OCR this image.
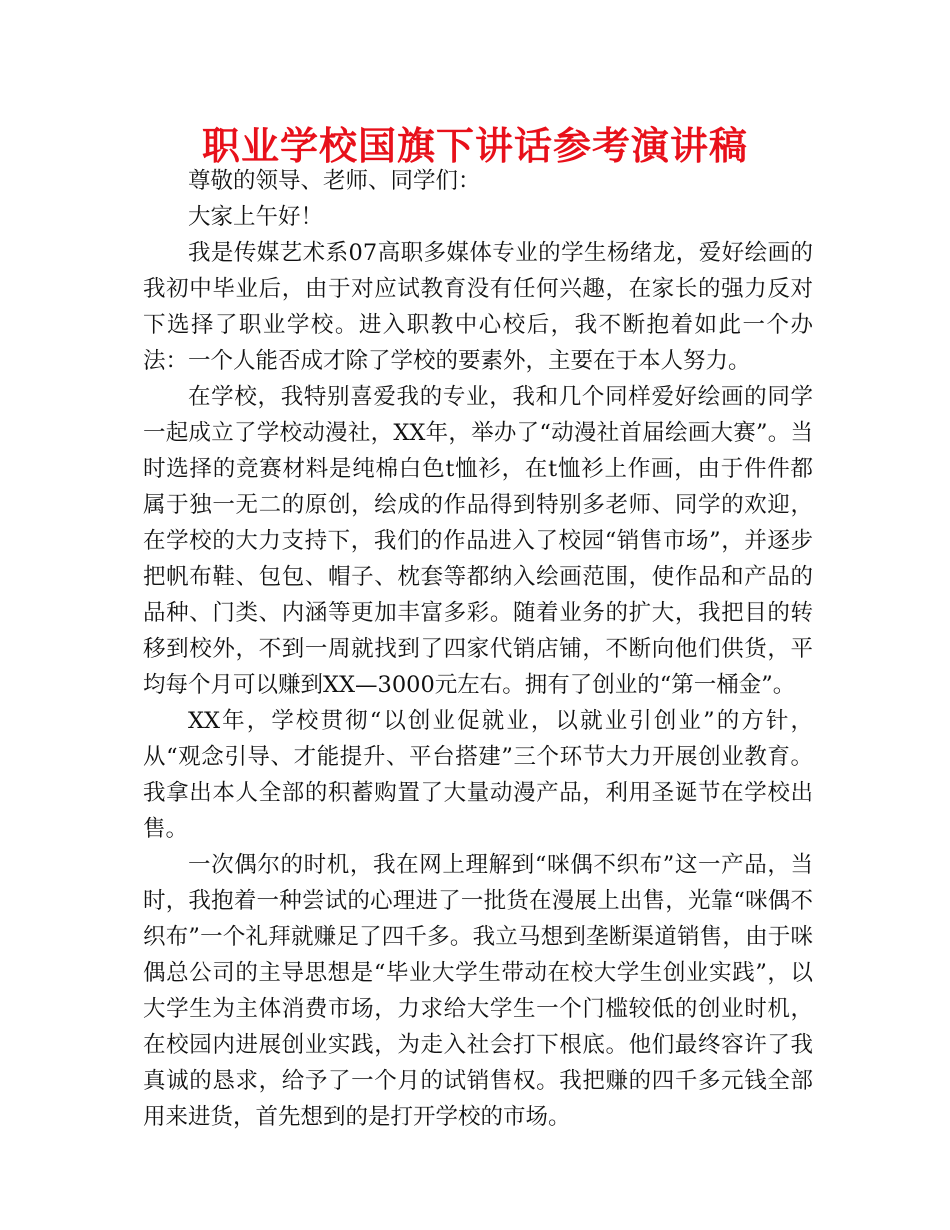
职业学校国旗下讲话参考演讲稿

尊敬的领导、老师、同学们：

大家上午好！

我是传媒艺术系07高职多媒体专业的学生杨绪龙，爱好绘画的我初中毕业后，由于对应试教育没有任何兴趣，在家长的强力反对下选择了职业学校。进入职教中心校后，我不断抱着如此一个办法：一个人能否成才除了学校的要素外，主要在于本人努力。

在学校，我特别喜爱我的专业，我和几个同样爱好绘画的同学一起成立了学校动漫社，XX年，举办了“动漫社首届绘画大赛”。当时选择的竞赛材料是纯棉白色t恤衫，在t恤衫上作画，由于件件都属于独一无二的原创，绘成的作品得到特别多老师、同学的欢迎，在学校的大力支持下，我们的作品进入了校园“销售市场”，并逐步把帆布鞋、包包、帽子、枕套等都纳入绘画范围，使作品和产品的品种、门类、内涵等更加丰富多彩。随着业务的扩大，我把目的转移到校外，不到一周就找到了四家代销店铺，不断向他们供货，平均每个月可以赚到XX—3000元左右。拥有了创业的“第一桶金”。

XX年，学校贯彻“以创业促就业，以就业引创业”的方针，从“观念引导、才能提升、平台搭建”三个环节大力开展创业教育。我拿出本人全部的积蓄购置了大量动漫产品，利用圣诞节在学校出售。

一次偶尔的时机，我在网上理解到“咪偶不织布”这一产品，当时，我抱着一种尝试的心理进了一批货在漫展上出售，光靠“咪偶不织布”一个礼拜就赚足了四千多。我立马想到垄断渠道销售，由于咪偶总公司的主导思想是“毕业大学生带动在校大学生创业实践”，以大学生为主体消费市场，力求给大学生一个门槛较低的创业时机，在校园内进展创业实践，为走入社会打下根底。他们最终容许了我真诚的恳求，给予了一个月的试销售权。我把赚的四千多元钱全部用来进货，首先想到的是打开学校的市场。
